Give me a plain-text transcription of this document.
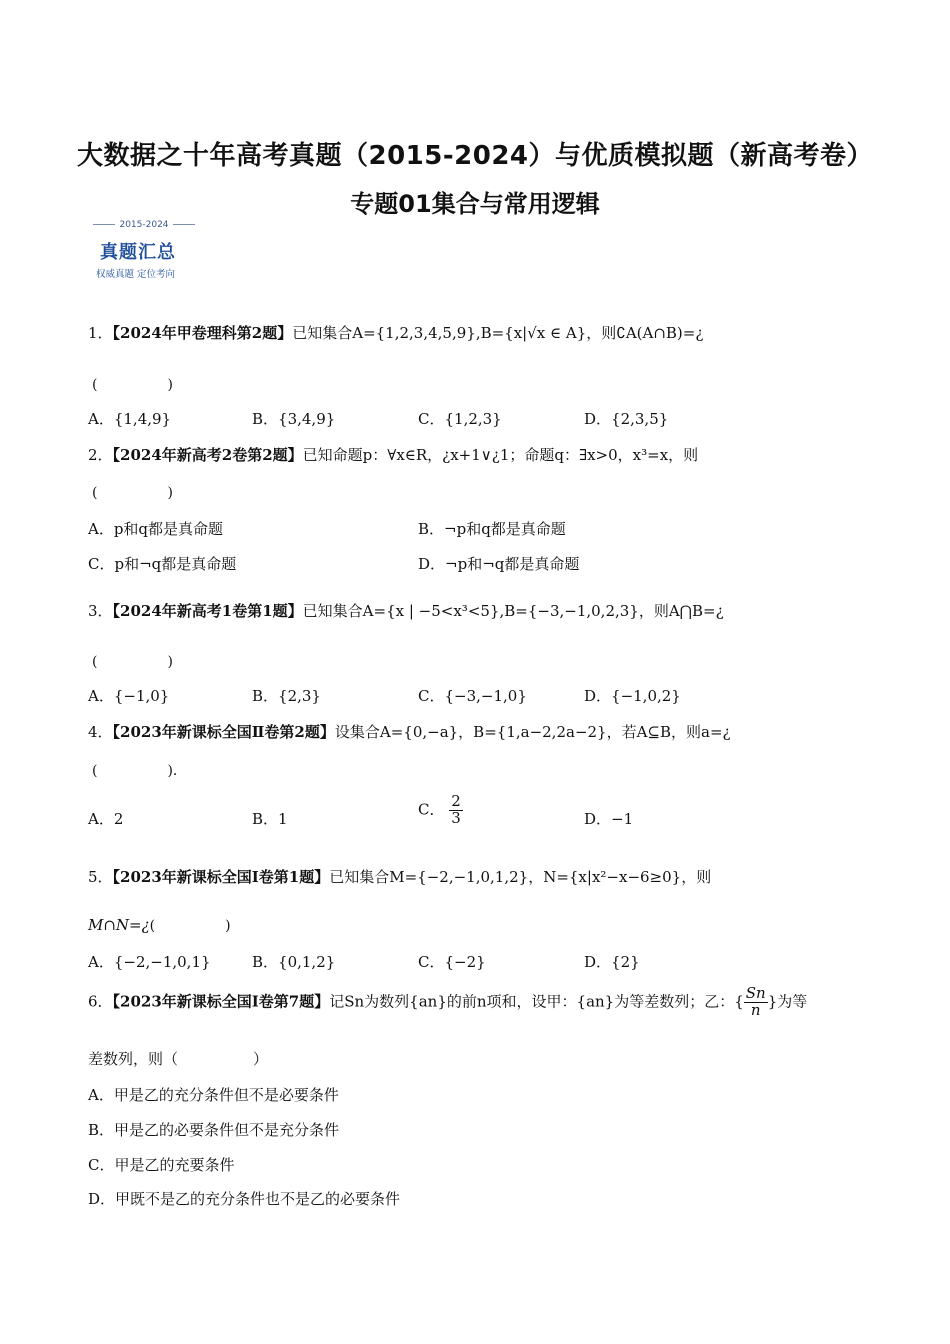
大数据之十年高考真题（2015-2024）与优质模拟题（新高考卷）
专题01集合与常用逻辑
2015-2024
真题汇总
权威真题 定位考向
1．【2024年甲卷理科第2题】已知集合A={1,2,3,4,5,9},B={x|√x ∈ A}，则∁A(A∩B)=¿
(　　　　　)
A．{1,4,9}	B．{3,4,9}	C．{1,2,3}	D．{2,3,5}
2．【2024年新高考2卷第2题】已知命题p：∀x∈R，¿x+1∨¿1；命题q：∃x>0，x³=x，则
(　　　　　)
A．p和q都是真命题	B．¬p和q都是真命题
C．p和¬q都是真命题	D．¬p和¬q都是真命题
3．【2024年新高考1卷第1题】已知集合A={x | −5<x³<5},B={−3,−1,0,2,3}，则A⋂B=¿
(　　　　　)
A．{−1,0}	B．{2,3}	C．{−3,−1,0}	D．{−1,0,2}
4．【2023年新课标全国Ⅱ卷第2题】设集合A={0,−a}，B={1,a−2,2a−2}，若A⊆B，则a=¿
(　　　　　)．
A．2	B．1
C． $\frac{2}{3}$	D．−1
5．【2023年新课标全国Ⅰ卷第1题】已知集合M={−2,−1,0,1,2}，N={x|x²−x−6≥0}，则
M∩N=¿(　　　　　)
A．{−2,−1,0,1}	B．{0,1,2}	C．{−2}	D．{2}
6．【2023年新课标全国Ⅰ卷第7题】记Sn为数列{an}的前n项和，设甲：{an}为等差数列；乙：{ $\frac{Sn}{n}$ }为等
差数列，则（　　　　　）
A．甲是乙的充分条件但不是必要条件
B．甲是乙的必要条件但不是充分条件
C．甲是乙的充要条件
D．甲既不是乙的充分条件也不是乙的必要条件
